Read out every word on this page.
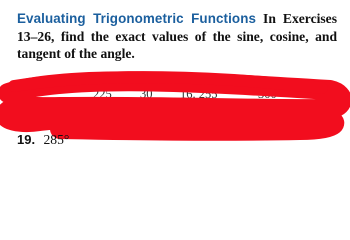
Evaluating Trigonometric Functions In Exercises 13–26, find the exact values of the sine, cosine, and tangent of the angle.
225 30 16. 255	300	45°
12
19. 285°
